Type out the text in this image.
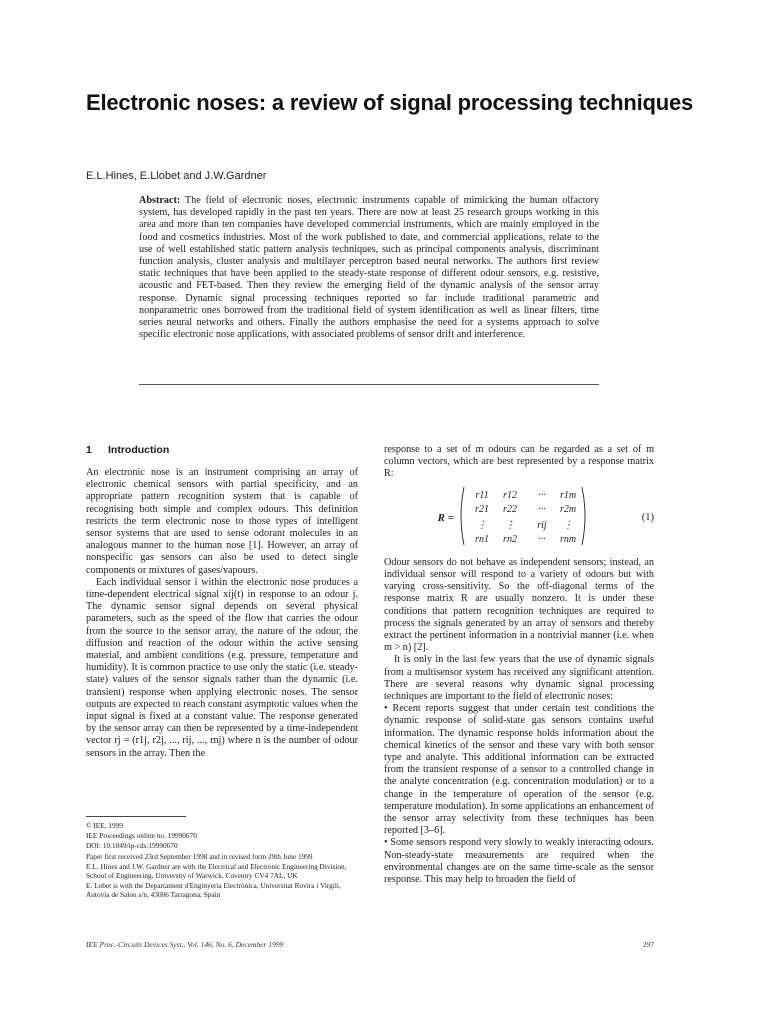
Electronic noses: a review of signal processing techniques
E.L.Hines, E.Llobet and J.W.Gardner
Abstract: The field of electronic noses, electronic instruments capable of mimicking the human olfactory system, has developed rapidly in the past ten years. There are now at least 25 research groups working in this area and more than ten companies have developed commercial instruments, which are mainly employed in the food and cosmetics industries. Most of the work published to date, and commercial applications, relate to the use of well established static pattern analysis techniques, such as principal components analysis, discriminant function analysis, cluster analysis and multilayer perceptron based neural networks. The authors first review static techniques that have been applied to the steady-state response of different odour sensors, e.g. resistive, acoustic and FET-based. Then they review the emerging field of the dynamic analysis of the sensor array response. Dynamic signal processing techniques reported so far include traditional parametric and nonparametric ones borrowed from the traditional field of system identification as well as linear filters, time series neural networks and others. Finally the authors emphasise the need for a systems approach to solve specific electronic nose applications, with associated problems of sensor drift and interference.
1 Introduction

An electronic nose is an instrument comprising an array of electronic chemical sensors with partial specificity, and an appropriate pattern recognition system that is capable of recognising both simple and complex odours. This definition restricts the term electronic nose to those types of intelligent sensor systems that are used to sense odorant molecules in an analogous manner to the human nose [1]. However, an array of nonspecific gas sensors can also be used to detect single components or mixtures of gases/vapours.

Each individual sensor i within the electronic nose produces a time-dependent electrical signal xij(t) in response to an odour j. The dynamic sensor signal depends on several physical parameters, such as the speed of the flow that carries the odour from the source to the sensor array, the nature of the odour, the diffusion and reaction of the odour within the active sensing material, and ambient conditions (e.g. pressure, temperature and humidity). It is common practice to use only the static (i.e. steady-state) values of the sensor signals rather than the dynamic (i.e. transient) response when applying electronic noses. The sensor outputs are expected to reach constant asymptotic values when the input signal is fixed at a constant value. The response generated by the sensor array can then be represented by a time-independent vector rj = (r1j, r2j, ..., rij, ..., rnj) where n is the number of odour sensors in the array. Then the

© IEE, 1999
IEE Proceedings online no. 19990670
DOI: 10.1049/ip-cds:19990670
Paper first received 23rd September 1998 and in revised form 29th June 1999
E.L. Hines and J.W. Gardner are with the Electrical and Electronic Engineering Division, School of Engineering, University of Warwick, Coventry CV4 7AL, UK
E. Lobet is with the Departament d'Enginyeria Electrònica, Universitat Rovira i Virgili, Autovia de Salou s/n, 43006 Tarragona, Spain

response to a set of m odours can be regarded as a set of m column vectors, which are best represented by a response matrix R:

R =
r11 r12 ··· r1m
r21 r22 ··· r2m
⋮ ⋮ rij ⋮
rn1 rn2 ··· rnm
(1)

Odour sensors do not behave as independent sensors; instead, an individual sensor will respond to a variety of odours but with varying cross-sensitivity. So the off-diagonal terms of the response matrix R are usually nonzero. It is under these conditions that pattern recognition techniques are required to process the signals generated by an array of sensors and thereby extract the pertinent information in a nontrivial manner (i.e. when m > n) [2].

It is only in the last few years that the use of dynamic signals from a multisensor system has received any significant attention. There are several reasons why dynamic signal processing techniques are important to the field of electronic noses:

• Recent reports suggest that under certain test conditions the dynamic response of solid-state gas sensors contains useful information. The dynamic response holds information about the chemical kinetics of the sensor and these vary with both sensor type and analyte. This additional information can be extracted from the transient response of a sensor to a controlled change in the analyte concentration (e.g. concentration modulation) or to a change in the temperature of operation of the sensor (e.g. temperature modulation). In some applications an enhancement of the sensor array selectivity from these techniques has been reported [3–6].

• Some sensors respond very slowly to weakly interacting odours. Non-steady-state measurements are required when the environmental changes are on the same time-scale as the sensor response. This may help to broaden the field of

IEE Proc.-Circuits Devices Syst., Vol. 146, No. 6, December 1999	297
